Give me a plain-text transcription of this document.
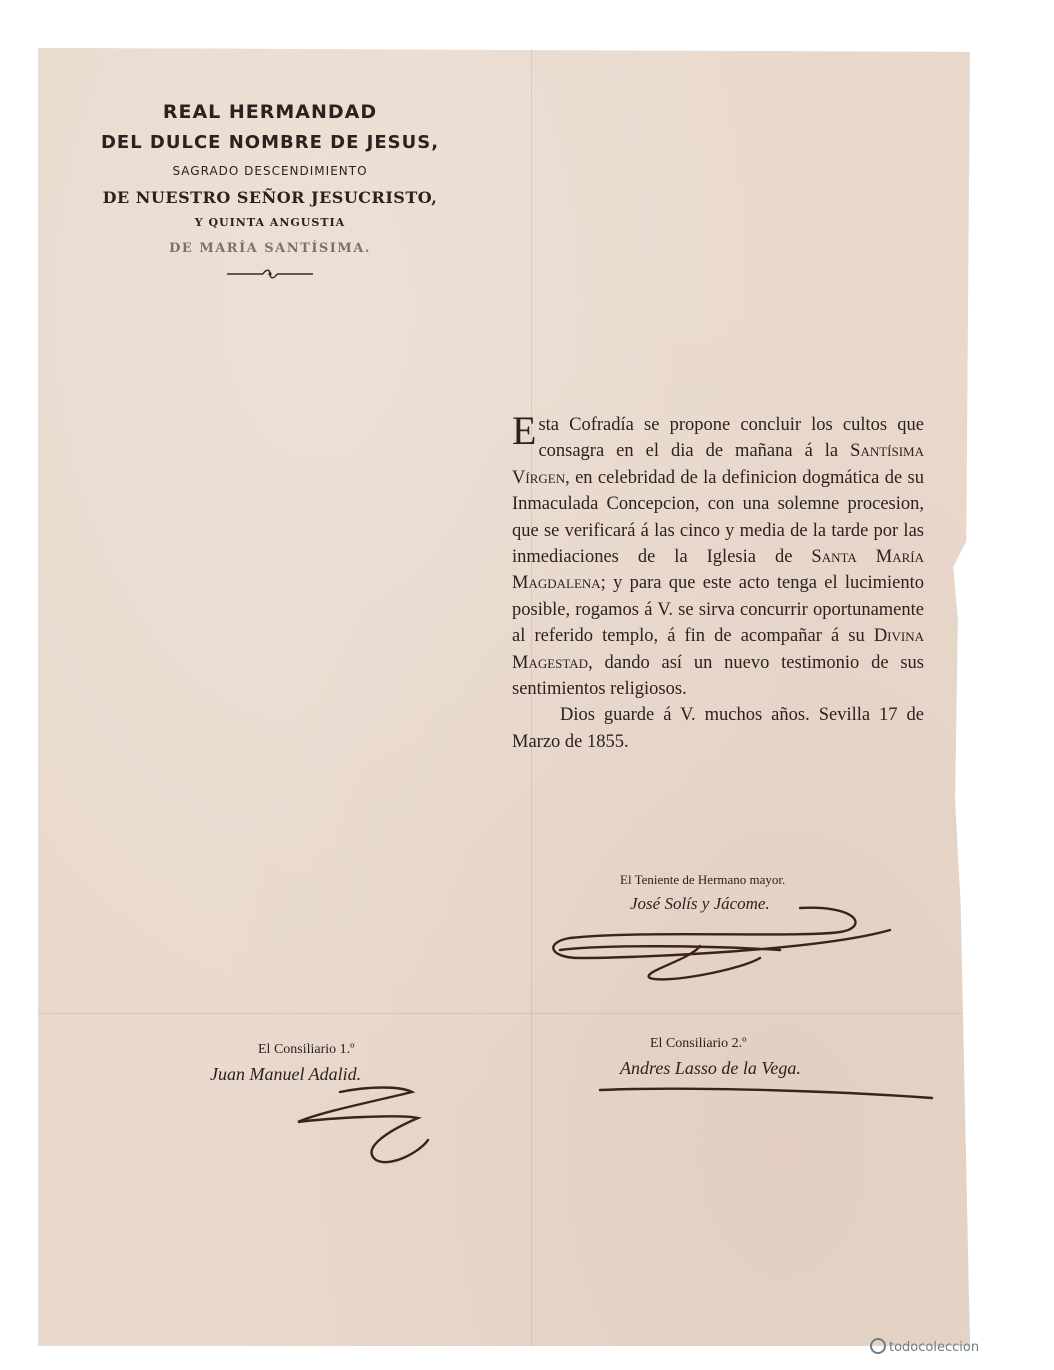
REAL HERMANDAD
DEL DULCE NOMBRE DE JESUS,
SAGRADO DESCENDIMIENTO
DE NUESTRO SEÑOR JESUCRISTO,
Y QUINTA ANGUSTIA
DE MARÍA SANTÍSIMA.

Esta Cofradía se propone concluir los cultos que consagra en el dia de mañana á la Santísima Vírgen, en celebridad de la definicion dogmática de su Inmaculada Concepcion, con una solemne procesion, que se verificará á las cinco y media de la tarde por las inmediaciones de la Iglesia de Santa María Magdalena; y para que este acto tenga el lucimiento posible, rogamos á V. se sirva concurrir oportunamente al referido templo, á fin de acompañar á su Divina Magestad, dando así un nuevo testimonio de sus sentimientos religiosos.

Dios guarde á V. muchos años. Sevilla 17 de Marzo de 1855.

El Teniente de Hermano mayor.
José Solís y Jácome.
El Consiliario 1.º
Juan Manuel Adalid.
El Consiliario 2.º
Andres Lasso de la Vega.
todocoleccion
